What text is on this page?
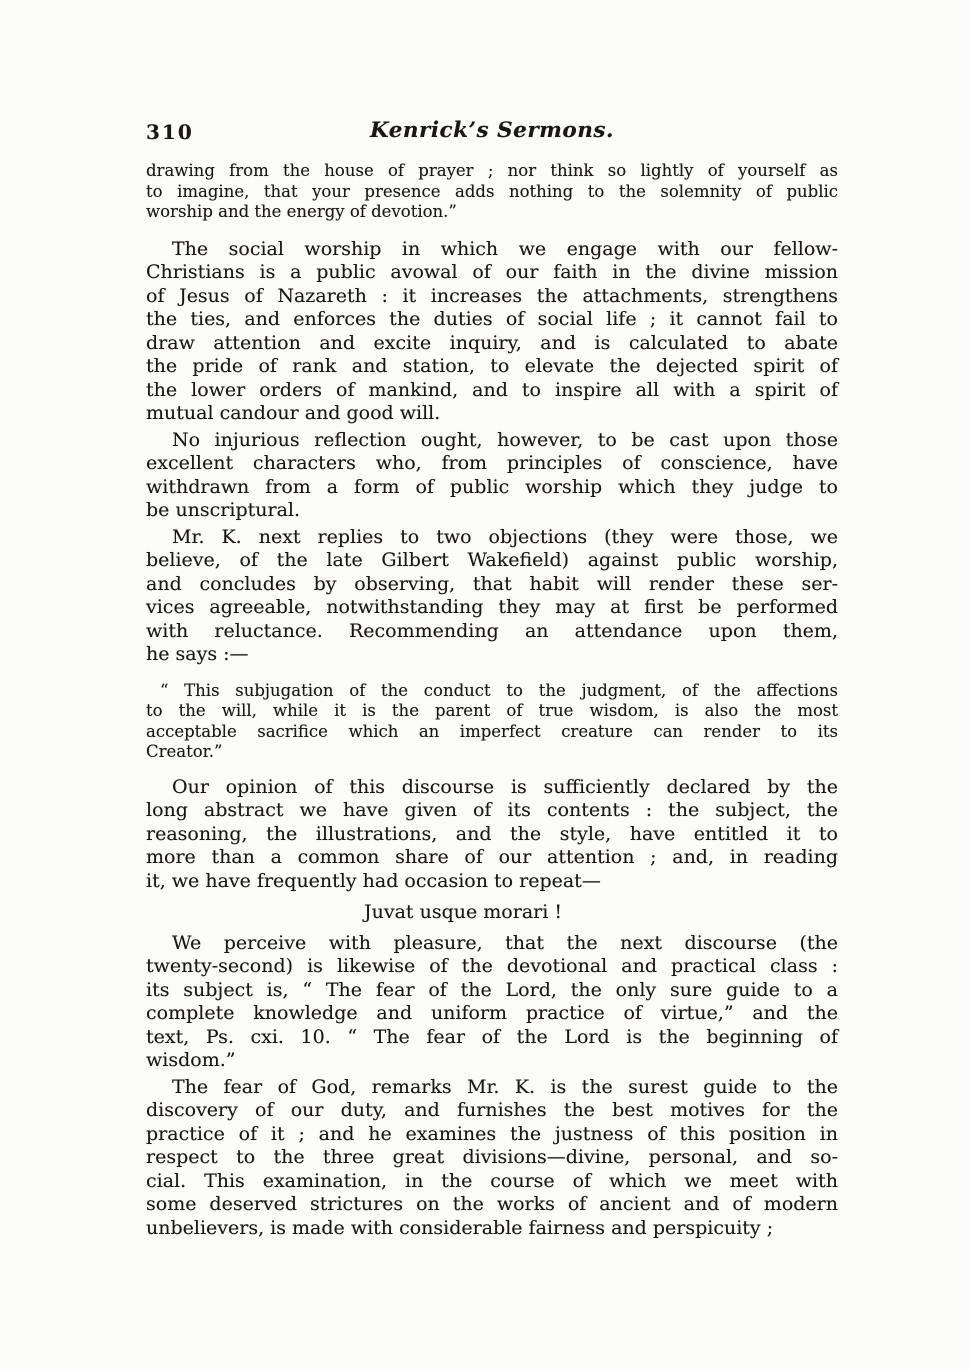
310	Kenrick’s Sermons.
drawing from the house of prayer ; nor think so lightly of yourself as
to imagine, that your presence adds nothing to the solemnity of public
worship and the energy of devotion.”
The social worship in which we engage with our fellow-
Christians is a public avowal of our faith in the divine mission
of Jesus of Nazareth : it increases the attachments, strengthens
the ties, and enforces the duties of social life ; it cannot fail to
draw attention and excite inquiry, and is calculated to abate
the pride of rank and station, to elevate the dejected spirit of
the lower orders of mankind, and to inspire all with a spirit of
mutual candour and good will.
No injurious reflection ought, however, to be cast upon those
excellent characters who, from principles of conscience, have
withdrawn from a form of public worship which they judge to
be unscriptural.
Mr. K. next replies to two objections (they were those, we
believe, of the late Gilbert Wakefield) against public worship,
and concludes by observing, that habit will render these ser-
vices agreeable, notwithstanding they may at first be performed
with reluctance. Recommending an attendance upon them,
he says :—
“ This subjugation of the conduct to the judgment, of the affections
to the will, while it is the parent of true wisdom, is also the most
acceptable sacrifice which an imperfect creature can render to its
Creator.”
Our opinion of this discourse is sufficiently declared by the
long abstract we have given of its contents : the subject, the
reasoning, the illustrations, and the style, have entitled it to
more than a common share of our attention ; and, in reading
it, we have frequently had occasion to repeat—
Juvat usque morari !
We perceive with pleasure, that the next discourse (the
twenty-second) is likewise of the devotional and practical class :
its subject is, “ The fear of the Lord, the only sure guide to a
complete knowledge and uniform practice of virtue,” and the
text, Ps. cxi. 10. “ The fear of the Lord is the beginning of
wisdom.”
The fear of God, remarks Mr. K. is the surest guide to the
discovery of our duty, and furnishes the best motives for the
practice of it ; and he examines the justness of this position in
respect to the three great divisions—divine, personal, and so-
cial. This examination, in the course of which we meet with
some deserved strictures on the works of ancient and of modern
unbelievers, is made with considerable fairness and perspicuity ;
